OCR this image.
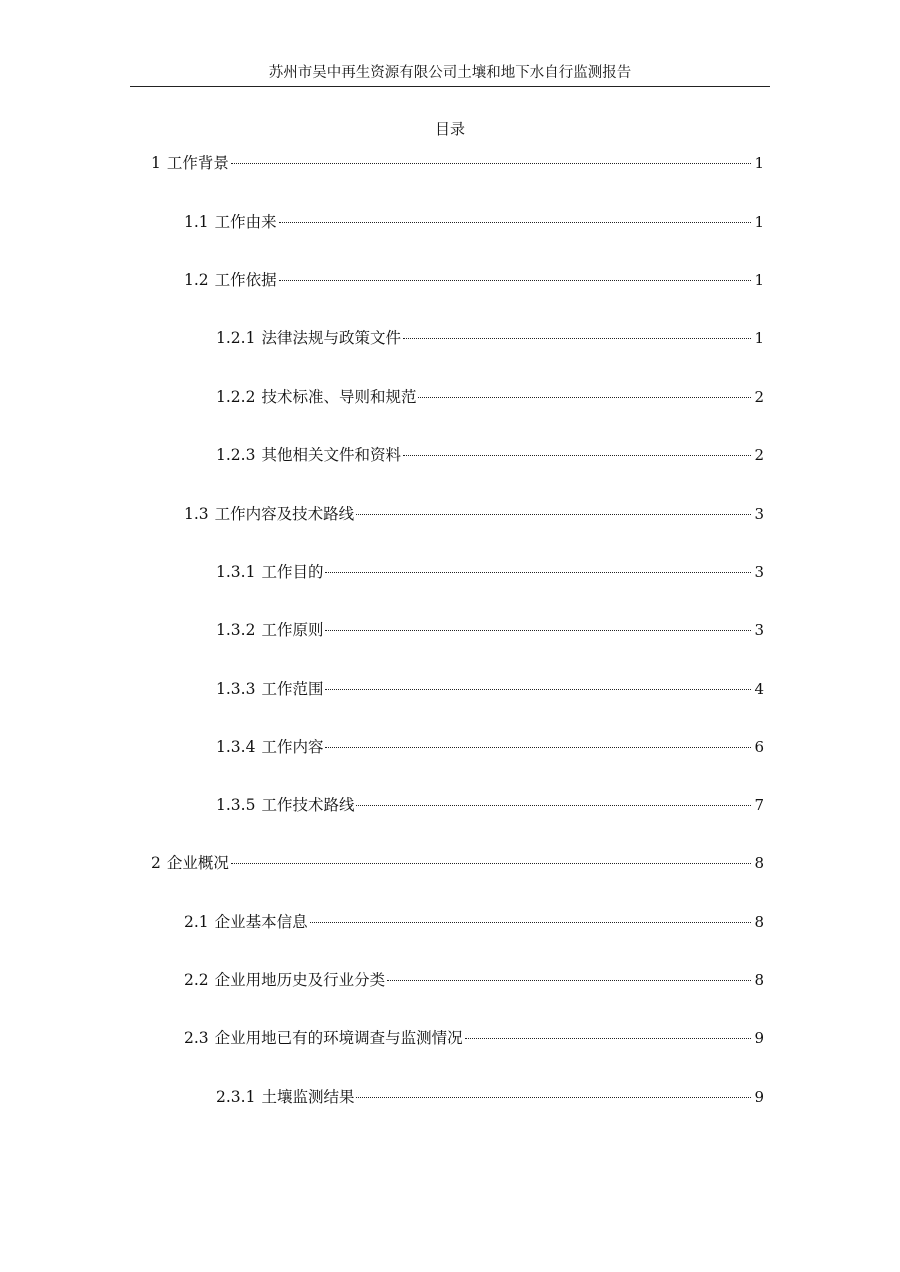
苏州市吴中再生资源有限公司土壤和地下水自行监测报告
目录
1 工作背景	1
1.1 工作由来	1
1.2 工作依据	1
1.2.1 法律法规与政策文件	1
1.2.2 技术标准、导则和规范	2
1.2.3 其他相关文件和资料	2
1.3 工作内容及技术路线	3
1.3.1 工作目的	3
1.3.2 工作原则	3
1.3.3 工作范围	4
1.3.4 工作内容	6
1.3.5 工作技术路线	7
2 企业概况	8
2.1 企业基本信息	8
2.2 企业用地历史及行业分类	8
2.3 企业用地已有的环境调查与监测情况	9
2.3.1 土壤监测结果	9
